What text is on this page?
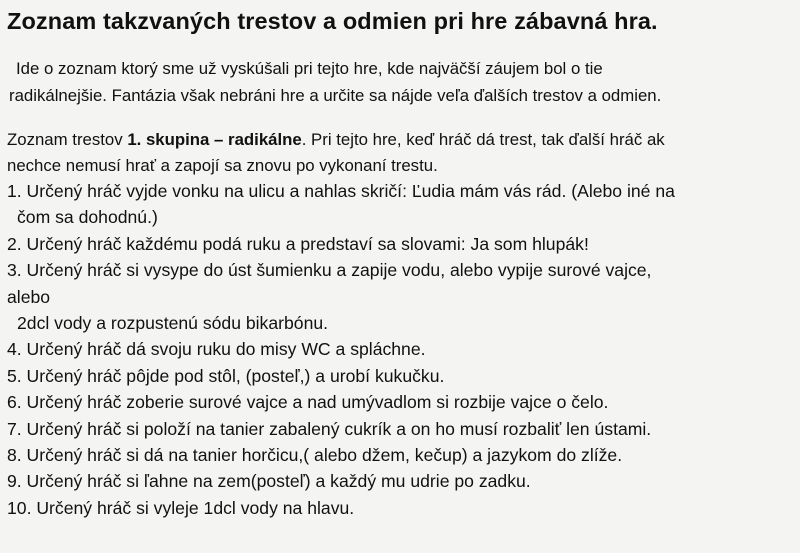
Zoznam takzvaných trestov a odmien pri hre zábavná hra.

Ide o zoznam ktorý sme už vyskúšali pri tejto hre, kde najväčší záujem bol o tie
radikálnejšie. Fantázia však nebráni hre a určite sa nájde veľa ďalších trestov a odmien.

Zoznam trestov 1. skupina – radikálne. Pri tejto hre, keď hráč dá trest, tak ďalší hráč ak
nechce nemusí hrať a zapojí sa znovu po vykonaní trestu.
1. Určený hráč vyjde vonku na ulicu a nahlas skričí: Ľudia mám vás rád. (Alebo iné na
čom sa dohodnú.)
2. Určený hráč každému podá ruku a predstaví sa slovami: Ja som hlupák!
3. Určený hráč si vysype do úst šumienku a zapije vodu, alebo vypije surové vajce,
alebo
2dcl vody a rozpustenú sódu bikarbónu.
4. Určený hráč dá svoju ruku do misy WC a spláchne.
5. Určený hráč pôjde pod stôl, (posteľ,) a urobí kukučku.
6. Určený hráč zoberie surové vajce a nad umývadlom si rozbije vajce o čelo.
7. Určený hráč si položí na tanier zabalený cukrík a on ho musí rozbaliť len ústami.
8. Určený hráč si dá na tanier horčicu,( alebo džem, kečup) a jazykom do zlíže.
9. Určený hráč si ľahne na zem(posteľ) a každý mu udrie po zadku.
10. Určený hráč si vyleje 1dcl vody na hlavu.
